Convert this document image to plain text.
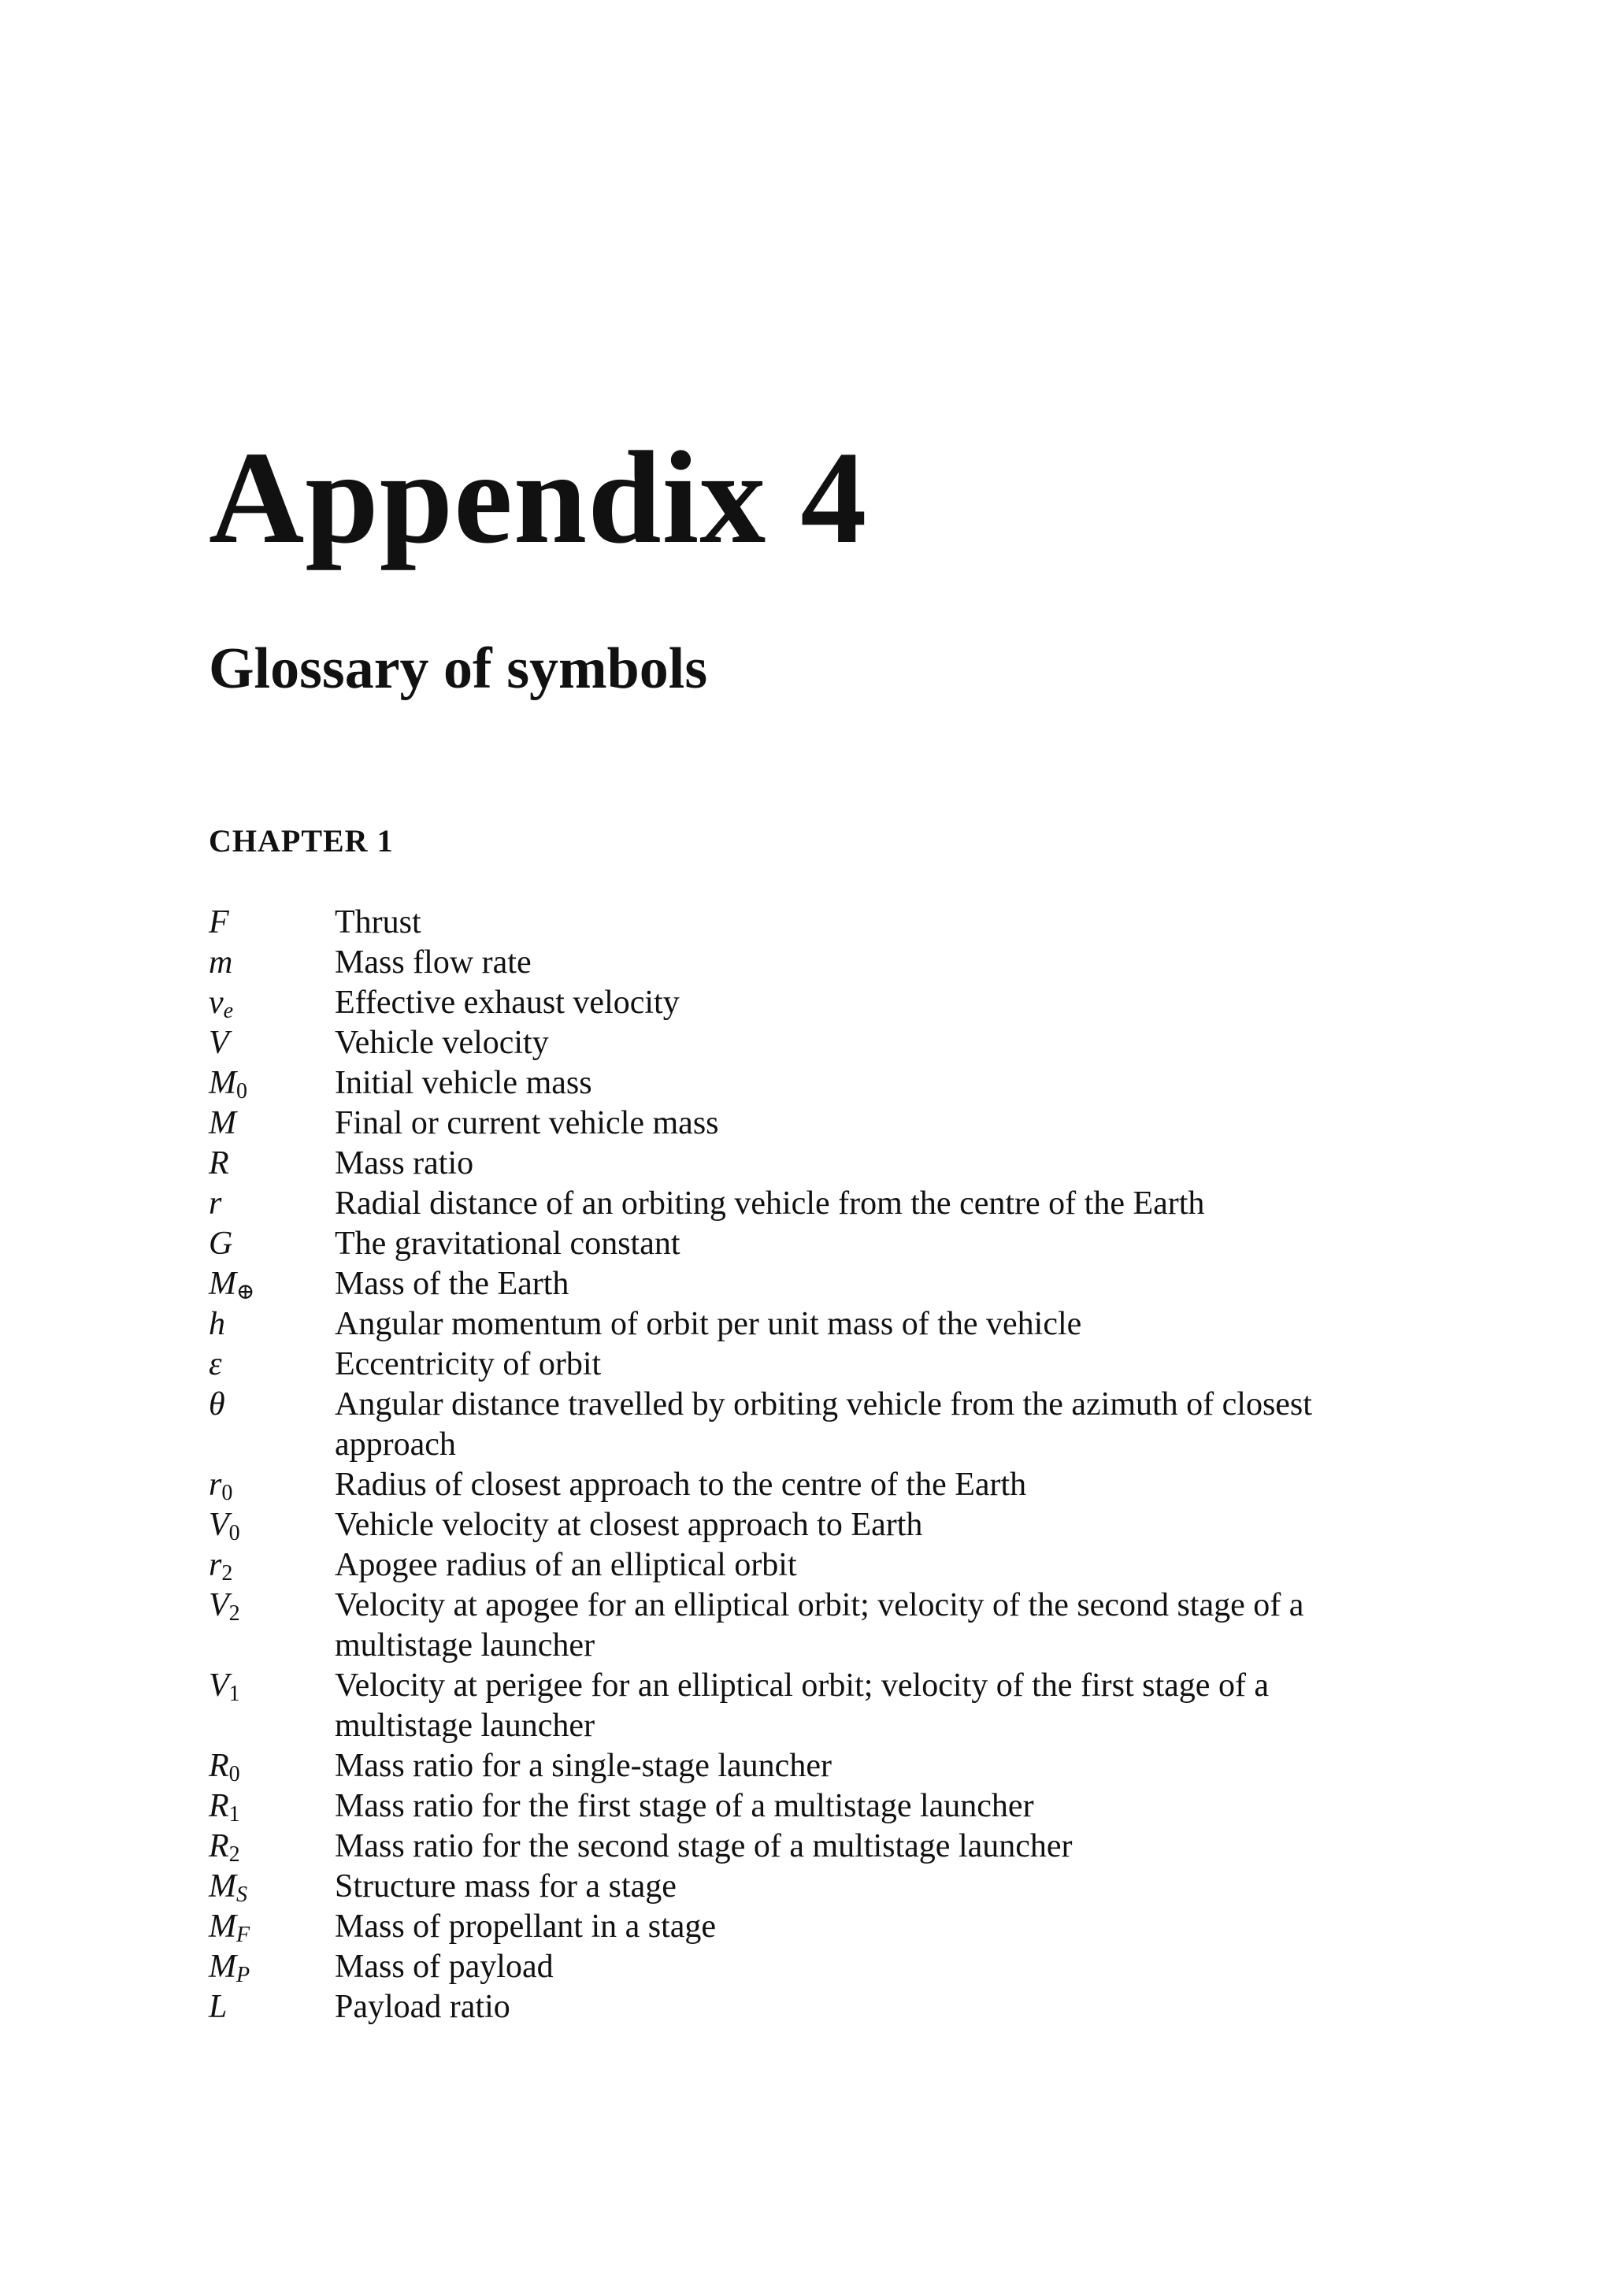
Appendix 4
Glossary of symbols
CHAPTER 1
F	Thrust
m	Mass flow rate
$v_e$	Effective exhaust velocity
V	Vehicle velocity
$M_0$	Initial vehicle mass
M	Final or current vehicle mass
R	Mass ratio
r	Radial distance of an orbiting vehicle from the centre of the Earth
G	The gravitational constant
$M_\oplus$	Mass of the Earth
h	Angular momentum of orbit per unit mass of the vehicle
ε	Eccentricity of orbit
θ	Angular distance travelled by orbiting vehicle from the azimuth of closest approach
$r_0$	Radius of closest approach to the centre of the Earth
$V_0$	Vehicle velocity at closest approach to Earth
$r_2$	Apogee radius of an elliptical orbit
$V_2$	Velocity at apogee for an elliptical orbit; velocity of the second stage of a multistage launcher
$V_1$	Velocity at perigee for an elliptical orbit; velocity of the first stage of a multistage launcher
$R_0$	Mass ratio for a single-stage launcher
$R_1$	Mass ratio for the first stage of a multistage launcher
$R_2$	Mass ratio for the second stage of a multistage launcher
$M_S$	Structure mass for a stage
$M_F$	Mass of propellant in a stage
$M_P$	Mass of payload
L	Payload ratio
